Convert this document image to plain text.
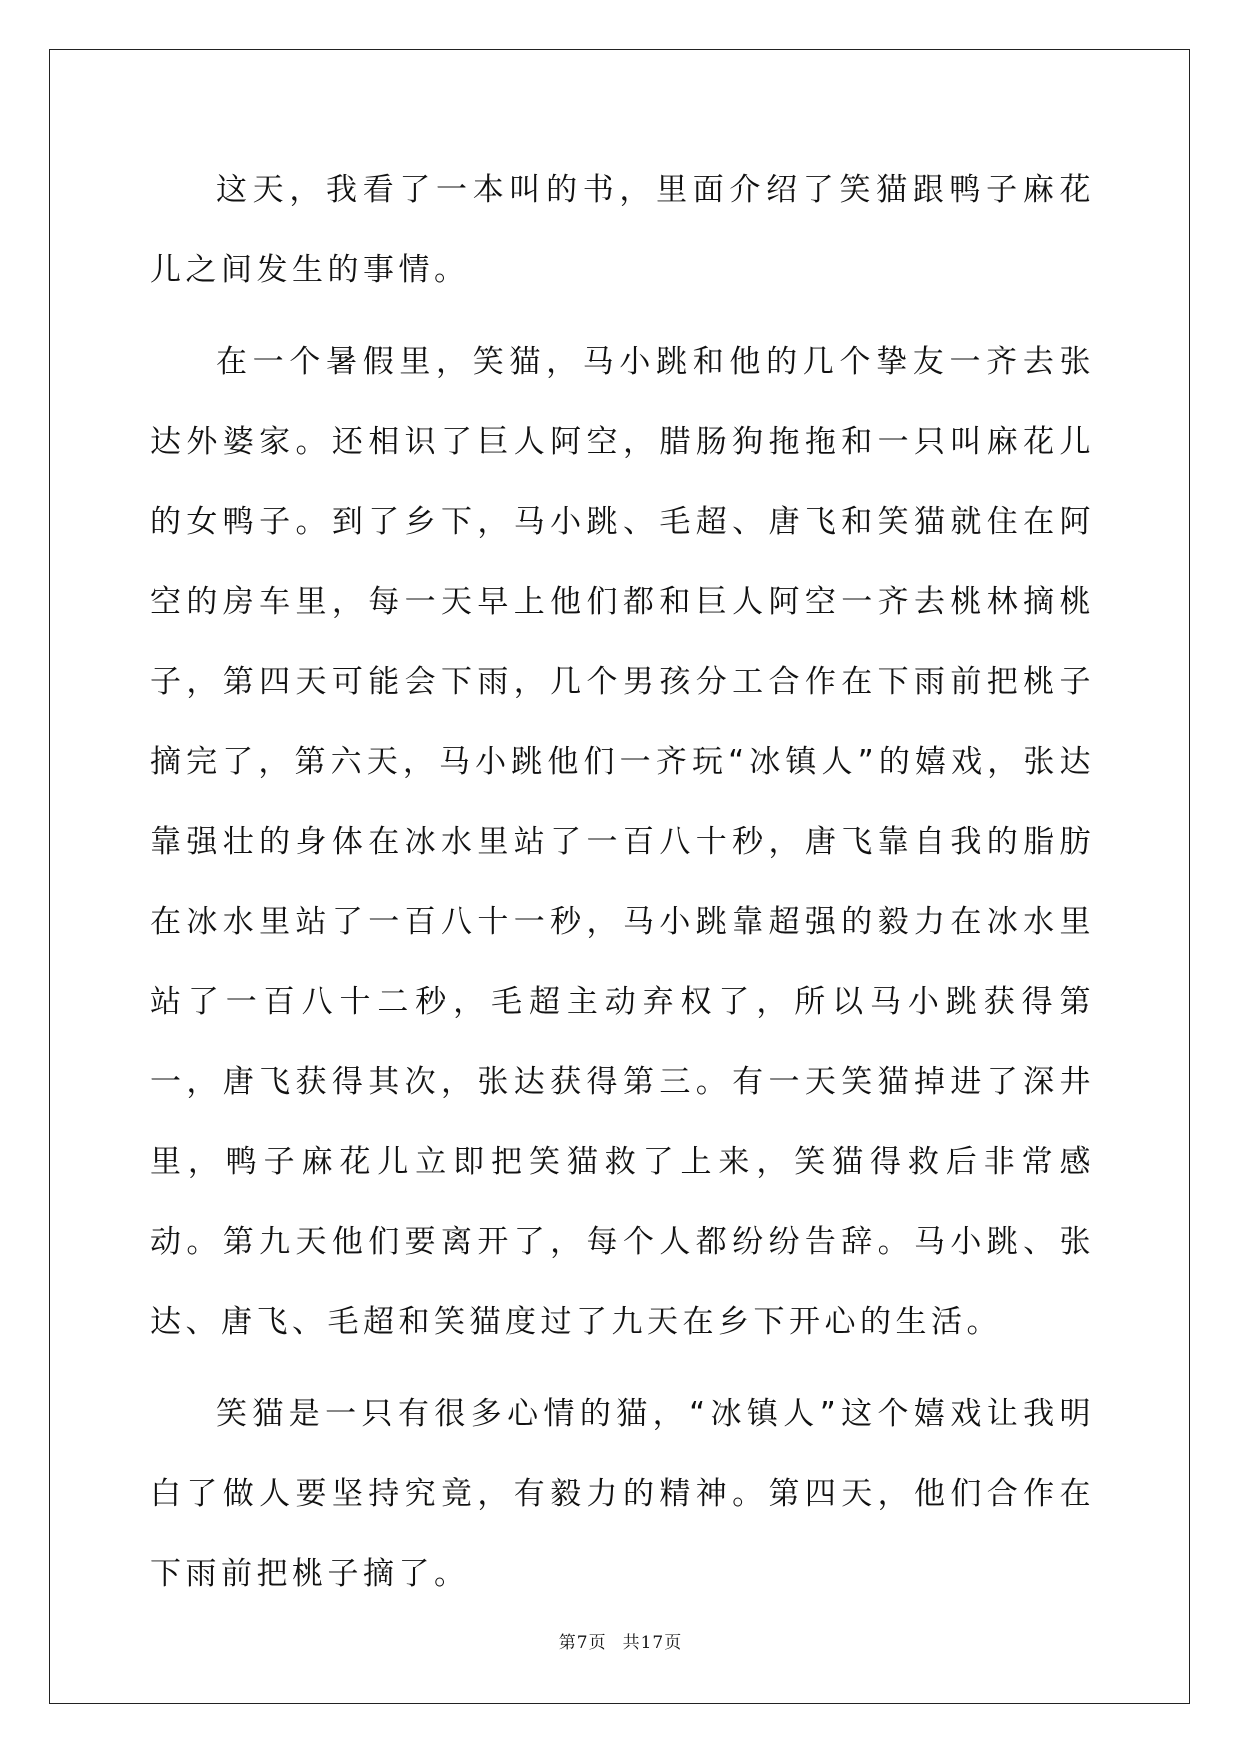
这天，我看了一本叫的书，里面介绍了笑猫跟鸭子麻花儿之间发生的事情。

在一个暑假里，笑猫，马小跳和他的几个挚友一齐去张达外婆家。还相识了巨人阿空，腊肠狗拖拖和一只叫麻花儿的女鸭子。到了乡下，马小跳、毛超、唐飞和笑猫就住在阿空的房车里，每一天早上他们都和巨人阿空一齐去桃林摘桃子，第四天可能会下雨，几个男孩分工合作在下雨前把桃子摘完了，第六天，马小跳他们一齐玩“冰镇人”的嬉戏，张达靠强壮的身体在冰水里站了一百八十秒，唐飞靠自我的脂肪在冰水里站了一百八十一秒，马小跳靠超强的毅力在冰水里站了一百八十二秒，毛超主动弃权了，所以马小跳获得第一，唐飞获得其次，张达获得第三。有一天笑猫掉进了深井里，鸭子麻花儿立即把笑猫救了上来，笑猫得救后非常感动。第九天他们要离开了，每个人都纷纷告辞。马小跳、张达、唐飞、毛超和笑猫度过了九天在乡下开心的生活。

笑猫是一只有很多心情的猫，“冰镇人”这个嬉戏让我明白了做人要坚持究竟，有毅力的精神。第四天，他们合作在下雨前把桃子摘了。

第7页 共17页
